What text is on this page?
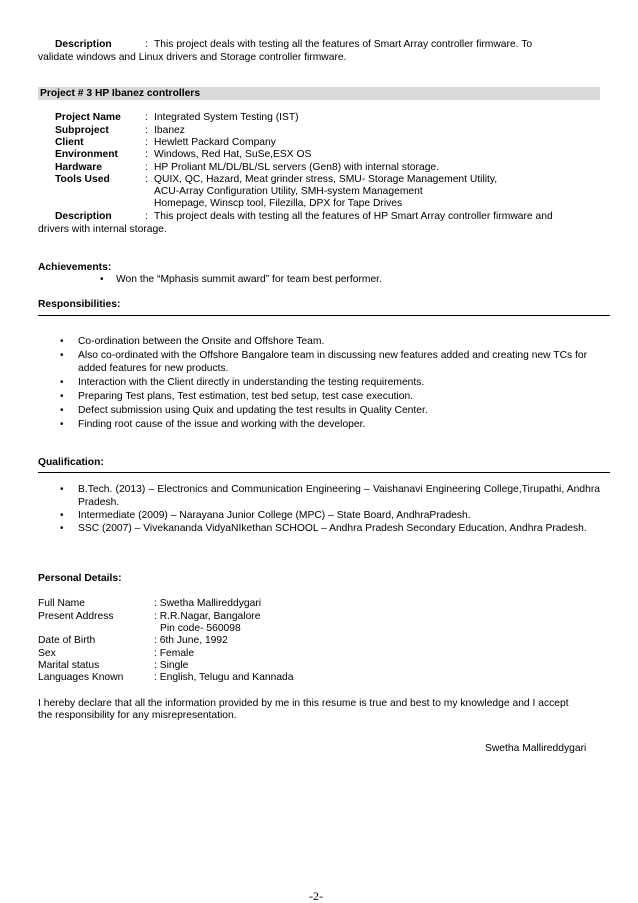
Description	: This project deals with testing all the features of Smart Array controller firmware. To
validate windows and Linux drivers and Storage controller firmware.
Project # 3 HP Ibanez controllers
Project Name : Integrated System Testing (IST)
Subproject	: Ibanez
Client	: Hewlett Packard Company
Environment	: Windows, Red Hat, SuSe,ESX OS
Hardware	: HP Proliant ML/DL/BL/SL servers (Gen8) with internal storage.
Tools Used	: QUIX, QC, Hazard, Meat grinder stress, SMU- Storage Management Utility,
ACU-Array Configuration Utility, SMH-system Management
Homepage, Winscp tool, Filezilla, DPX for Tape Drives
Description	: This project deals with testing all the features of HP Smart Array controller firmware and
drivers with internal storage.
Achievements:
• Won the “Mphasis summit award” for team best performer.
Responsibilities:
• Co-ordination between the Onsite and Offshore Team.
• Also co-ordinated with the Offshore Bangalore team in discussing new features added and creating new TCs for added features for new products.
• Interaction with the Client directly in understanding the testing requirements.
• Preparing Test plans, Test estimation, test bed setup, test case execution.
• Defect submission using Quix and updating the test results in Quality Center.
• Finding root cause of the issue and working with the developer.
Qualification:
• B.Tech. (2013) – Electronics and Communication Engineering – Vaishanavi Engineering College,Tirupathi, Andhra Pradesh.
• Intermediate (2009) – Narayana Junior College (MPC) – State Board, AndhraPradesh.
• SSC (2007) – Vivekananda VidyaNIkethan SCHOOL – Andhra Pradesh Secondary Education, Andhra Pradesh.
Personal Details:
Full Name	: Swetha Mallireddygari
Present Address	: R.R.Nagar, Bangalore
Pin code- 560098
Date of Birth	: 6th June, 1992
Sex	: Female
Marital status	: Single
Languages Known	: English, Telugu and Kannada
I hereby declare that all the information provided by me in this resume is true and best to my knowledge and I accept
the responsibility for any misrepresentation.
Swetha Mallireddygari
-2-
